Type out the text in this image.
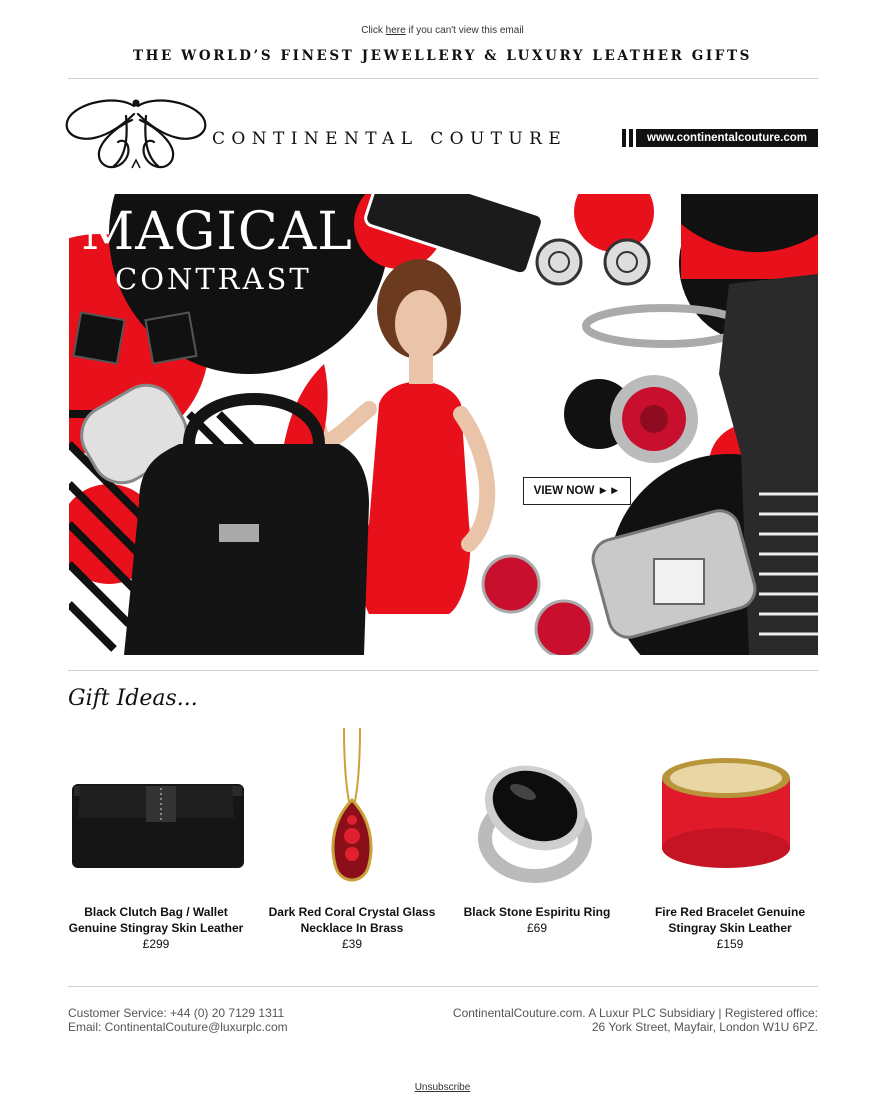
Click here if you can't view this email
THE WORLD’S FINEST JEWELLERY & LUXURY LEATHER GIFTS
CONTINENTAL COUTURE	www.continentalcouture.com
MAGICAL
CONTRAST
VIEW NOW ►►
Gift Ideas...
Black Clutch Bag / Wallet Genuine Stingray Skin Leather
£299
Dark Red Coral Crystal Glass Necklace In Brass
£39
Black Stone Espiritu Ring
£69
Fire Red Bracelet Genuine Stingray Skin Leather
£159
Customer Service: +44 (0) 20 7129 1311
Email: ContinentalCouture@luxurplc.com
ContinentalCouture.com. A Luxur PLC Subsidiary | Registered office:
26 York Street, Mayfair, London W1U 6PZ.
Unsubscribe
